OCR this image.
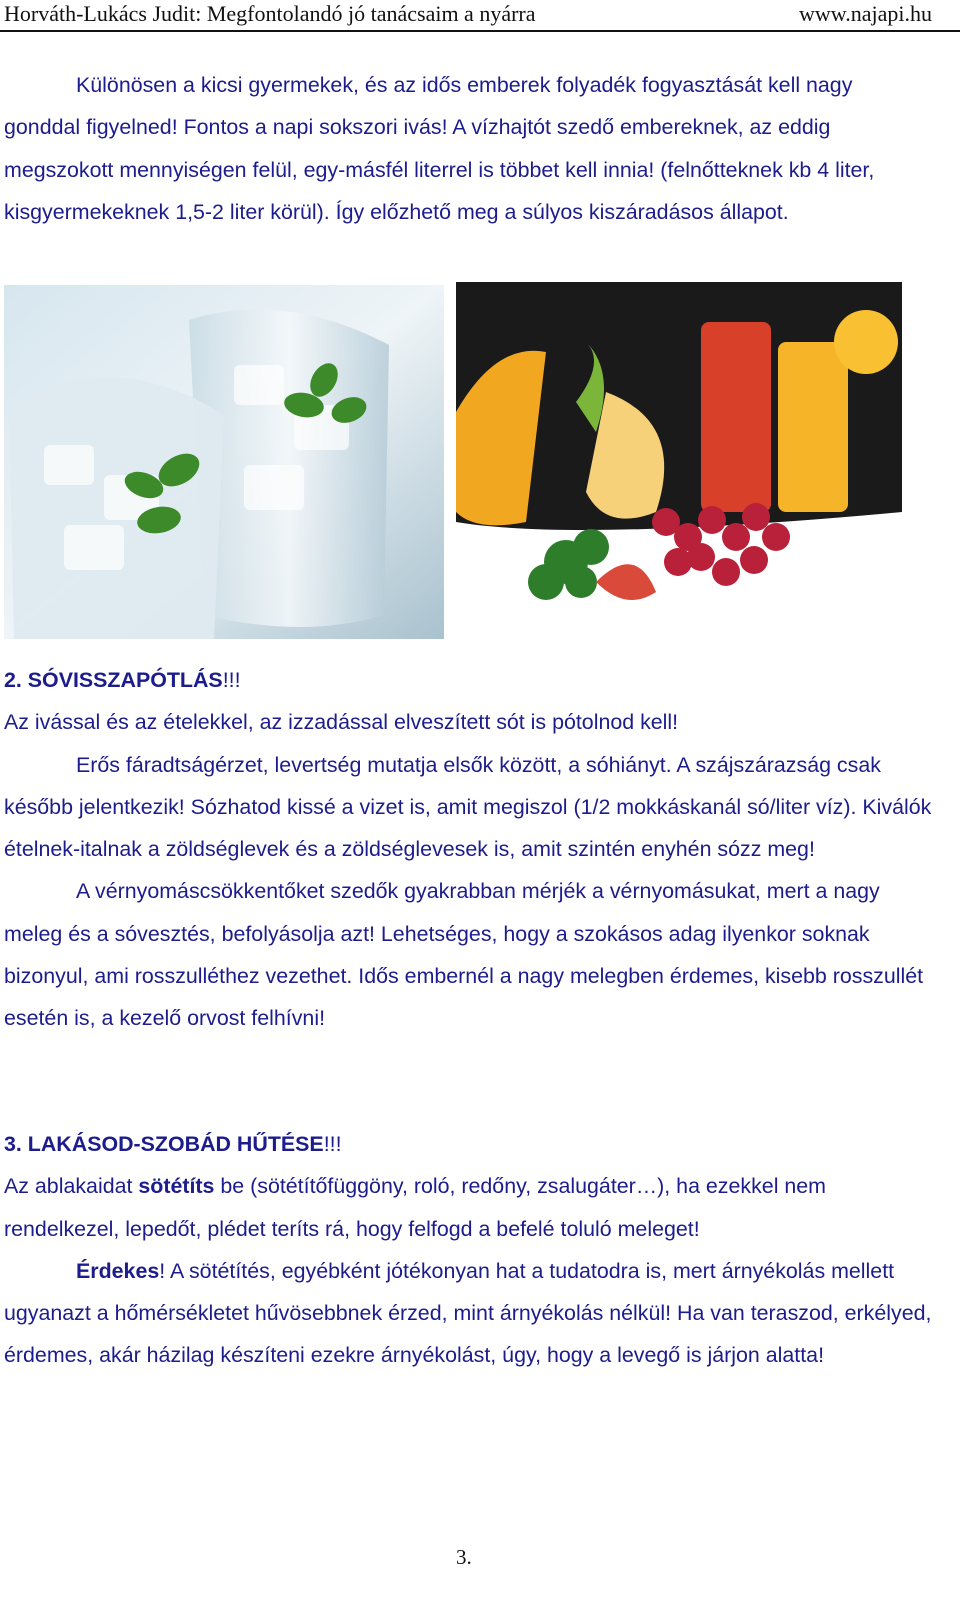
Horváth-Lukács Judit: Megfontolandó jó tanácsaim a nyárra	www.najapi.hu

Különösen a kicsi gyermekek, és az idős emberek folyadék fogyasztását kell nagy gonddal figyelned! Fontos a napi sokszori ivás! A vízhajtót szedő embereknek, az eddig megszokott mennyiségen felül, egy-másfél literrel is többet kell innia! (felnőtteknek kb 4 liter, kisgyermekeknek 1,5-2 liter körül). Így előzhető meg a súlyos kiszáradásos állapot.

2. SÓVISSZAPÓTLÁS!!!

Az ivással és az ételekkel, az izzadással elveszített sót is pótolnod kell!

Erős fáradtságérzet, levertség mutatja elsők között, a sóhiányt. A szájszárazság csak később jelentkezik! Sózhatod kissé a vizet is, amit megiszol (1/2 mokkáskanál só/liter víz). Kiválók ételnek-italnak a zöldséglevek és a zöldséglevesek is, amit szintén enyhén sózz meg!

A vérnyomáscsökkentőket szedők gyakrabban mérjék a vérnyomásukat, mert a nagy meleg és a sóvesztés, befolyásolja azt! Lehetséges, hogy a szokásos adag ilyenkor soknak bizonyul, ami rosszulléthez vezethet. Idős embernél a nagy melegben érdemes, kisebb rosszullét esetén is, a kezelő orvost felhívni!

3. LAKÁSOD-SZOBÁD HŰTÉSE!!!

Az ablakaidat sötétíts be (sötétítőfüggöny, roló, redőny, zsalugáter…), ha ezekkel nem rendelkezel, lepedőt, plédet teríts rá, hogy felfogd a befelé toluló meleget!

Érdekes! A sötétítés, egyébként jótékonyan hat a tudatodra is, mert árnyékolás mellett ugyanazt a hőmérsékletet hűvösebbnek érzed, mint árnyékolás nélkül! Ha van teraszod, erkélyed, érdemes, akár házilag készíteni ezekre árnyékolást, úgy, hogy a levegő is járjon alatta!

3.
